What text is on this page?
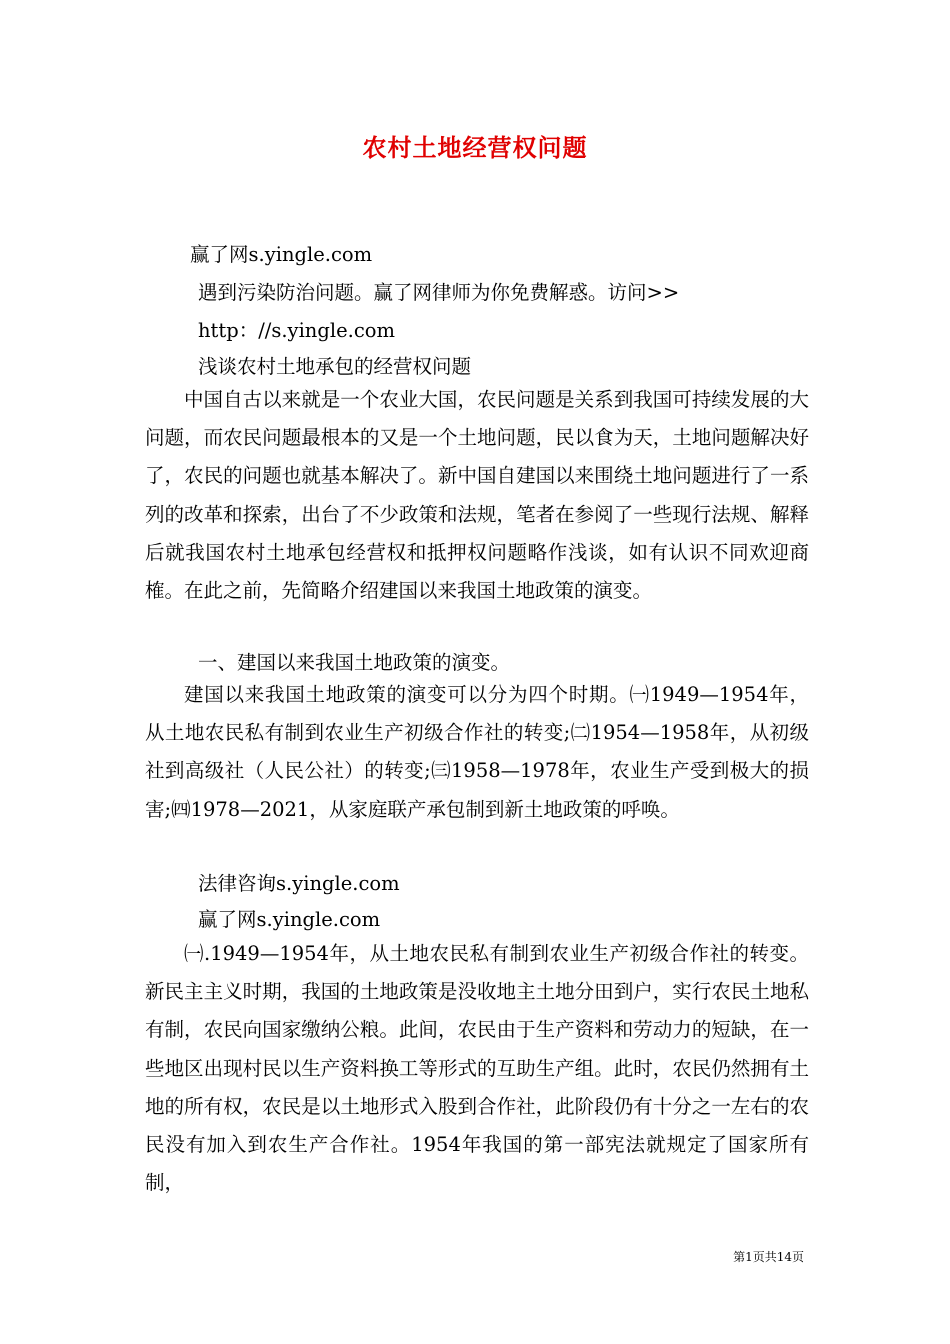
农村土地经营权问题
赢了网s.yingle.com
遇到污染防治问题。赢了网律师为你免费解惑。访问>>
http：//s.yingle.com
浅谈农村土地承包的经营权问题
中国自古以来就是一个农业大国，农民问题是关系到我国可持续发展的大问题，而农民问题最根本的又是一个土地问题，民以食为天，土地问题解决好了，农民的问题也就基本解决了。新中国自建国以来围绕土地问题进行了一系列的改革和探索，出台了不少政策和法规，笔者在参阅了一些现行法规、解释后就我国农村土地承包经营权和抵押权问题略作浅谈，如有认识不同欢迎商榷。在此之前，先简略介绍建国以来我国土地政策的演变。
一、建国以来我国土地政策的演变。
建国以来我国土地政策的演变可以分为四个时期。㈠1949—1954年，从土地农民私有制到农业生产初级合作社的转变;㈡1954—1958年，从初级社到高级社（人民公社）的转变;㈢1958—1978年，农业生产受到极大的损害;㈣1978—2021，从家庭联产承包制到新土地政策的呼唤。
法律咨询s.yingle.com
赢了网s.yingle.com
㈠.1949—1954年，从土地农民私有制到农业生产初级合作社的转变。新民主主义时期，我国的土地政策是没收地主土地分田到户，实行农民土地私有制，农民向国家缴纳公粮。此间，农民由于生产资料和劳动力的短缺，在一些地区出现村民以生产资料换工等形式的互助生产组。此时，农民仍然拥有土地的所有权，农民是以土地形式入股到合作社，此阶段仍有十分之一左右的农民没有加入到农生产合作社。1954年我国的第一部宪法就规定了国家所有制，
第1页共14页
